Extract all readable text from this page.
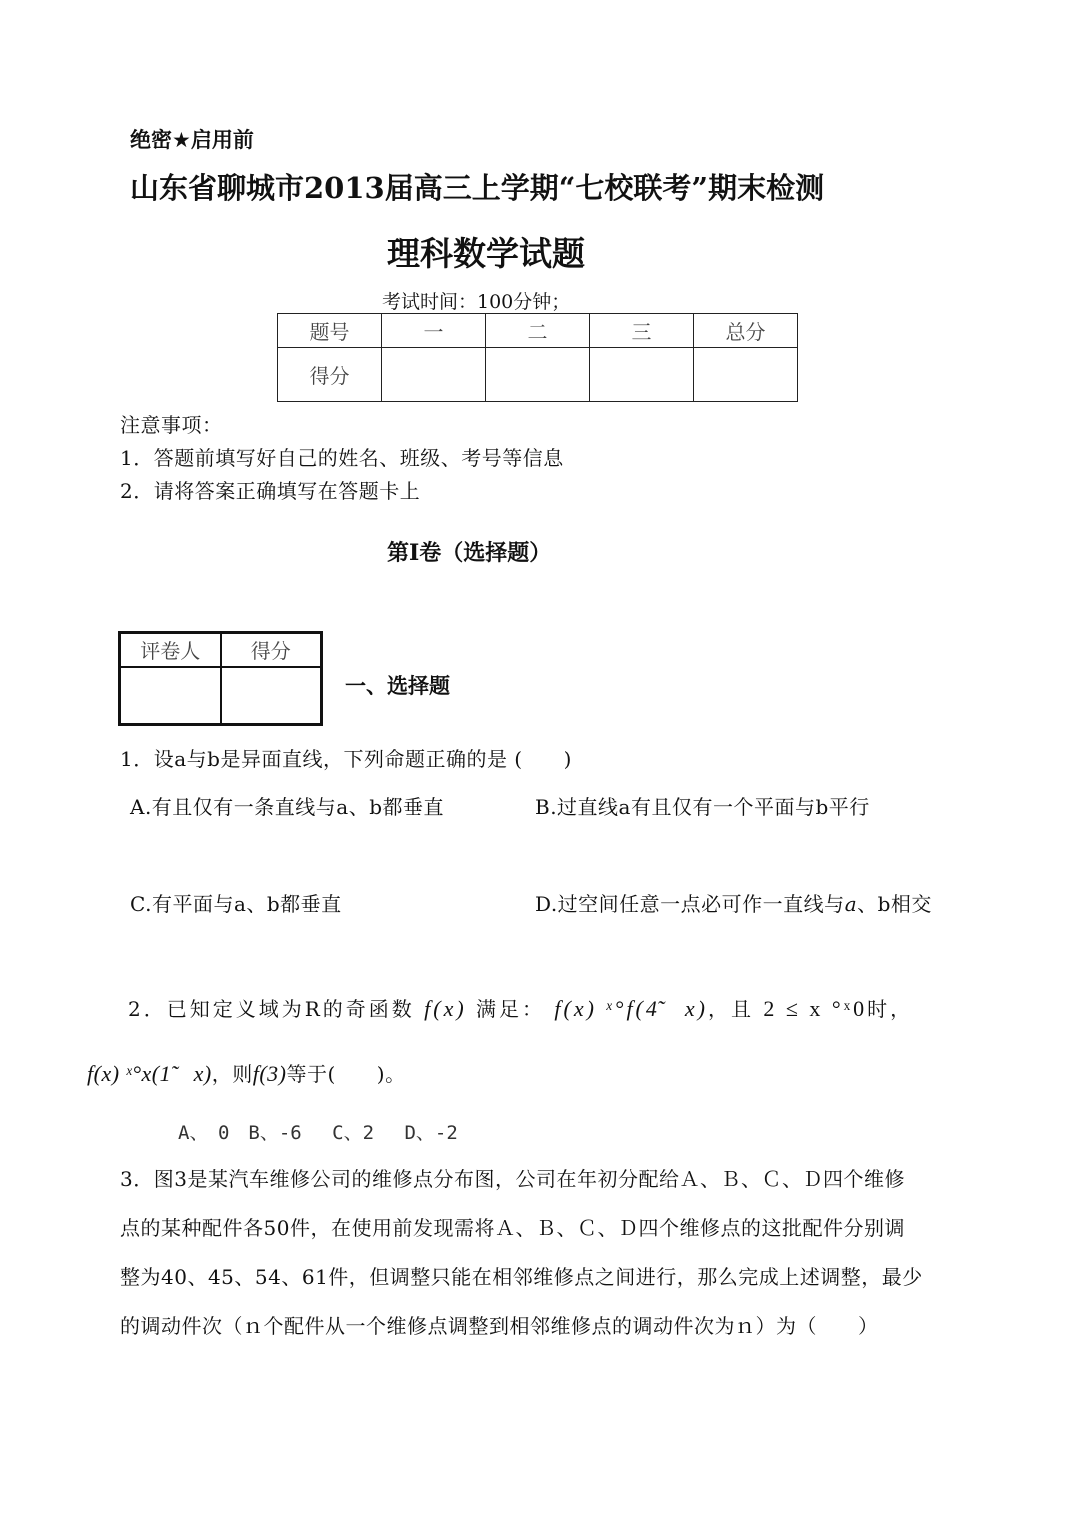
绝密★启用前
山东省聊城市2013届高三上学期“七校联考”期末检测
理科数学试题
考试时间：100分钟；
题号	一	二	三	总分
得分				
注意事项：
1．答题前填写好自己的姓名、班级、考号等信息
2．请将答案正确填写在答题卡上
第Ⅰ卷（选择题）
评卷人	得分

一、选择题
1．设a与b是异面直线，下列命题正确的是 (　　)
A.有且仅有一条直线与a、b都垂直	B.过直线a有且仅有一个平面与b平行
C.有平面与a、b都垂直	D.过空间任意一点必可作一直线与a、b相交
2．已知定义域为R的奇函数 f(x) 满足： f(x) ˣ°f(4̃　x)，且 2 ≤ x °ˣ0时，
f(x) ˣ°x(1̃　x)，则f(3)等于(　　)。
A、　0　B、-6　 C、2　 D、-2
3．图3是某汽车维修公司的维修点分布图，公司在年初分配给Ａ、Ｂ、Ｃ、Ｄ四个维修
点的某种配件各50件，在使用前发现需将Ａ、Ｂ、Ｃ、Ｄ四个维修点的这批配件分别调
整为40、45、54、61件，但调整只能在相邻维修点之间进行，那么完成上述调整，最少
的调动件次（ｎ个配件从一个维修点调整到相邻维修点的调动件次为ｎ）为（　　）
